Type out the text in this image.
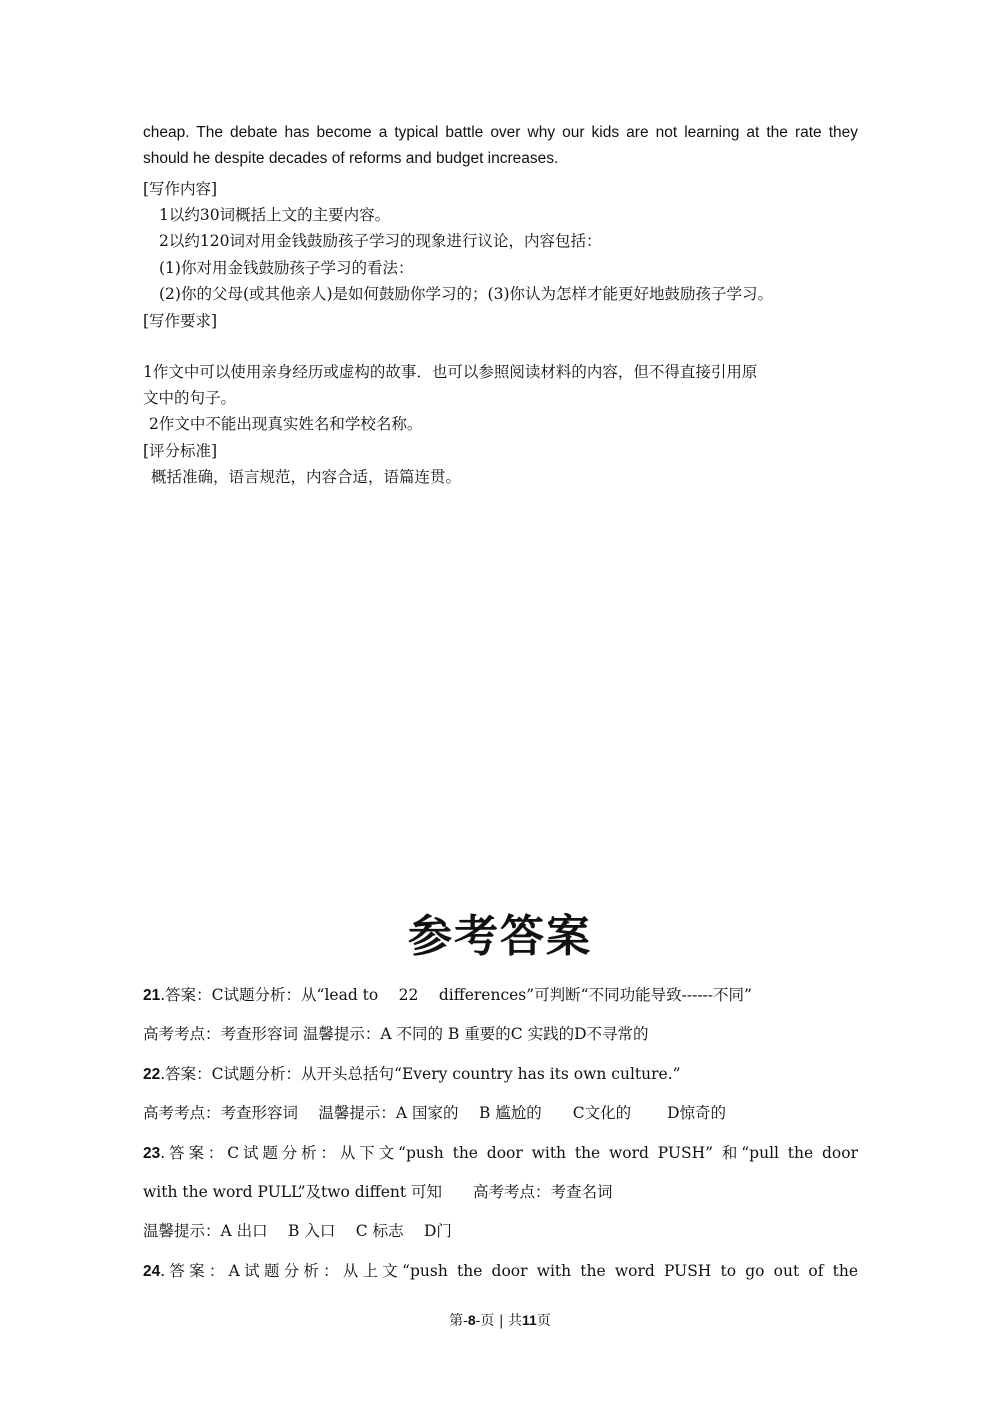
cheap. The debate has become a typical battle over why our kids are not learning at the rate they
should he despite decades of reforms and budget increases.
[写作内容]
1以约30词概括上文的主要内容。
2以约120词对用金钱鼓励孩子学习的现象进行议论，内容包括：
(1)你对用金钱鼓励孩子学习的看法：
(2)你的父母(或其他亲人)是如何鼓励你学习的；(3)你认为怎样才能更好地鼓励孩子学习。
[写作要求]
1作文中可以使用亲身经历或虚构的故事．也可以参照阅读材料的内容，但不得直接引用原
文中的句子。
2作文中不能出现真实姓名和学校名称。
[评分标准]
概括准确，语言规范，内容合适，语篇连贯。
参考答案
21.答案：C试题分析：从“lead to　 22　 differences”可判断“不同功能导致------不同”
高考考点：考查形容词 温馨提示：A 不同的 B 重要的C 实践的D不寻常的
22.答案：C试题分析：从开头总括句“Every country has its own culture.”
高考考点：考查形容词　 温馨提示：A 国家的　 B 尴尬的　　C文化的　　 D惊奇的
23.答案：C试题分析：从下文“push the door with the word PUSH” 和“pull the door
with the word PULL”及two diffent 可知　　高考考点：考查名词
温馨提示：A 出口　 B 入口　 C 标志　 D门
24.答案：A试题分析：从上文“push the door with the word PUSH to go out of the
第-8-页 | 共11页
